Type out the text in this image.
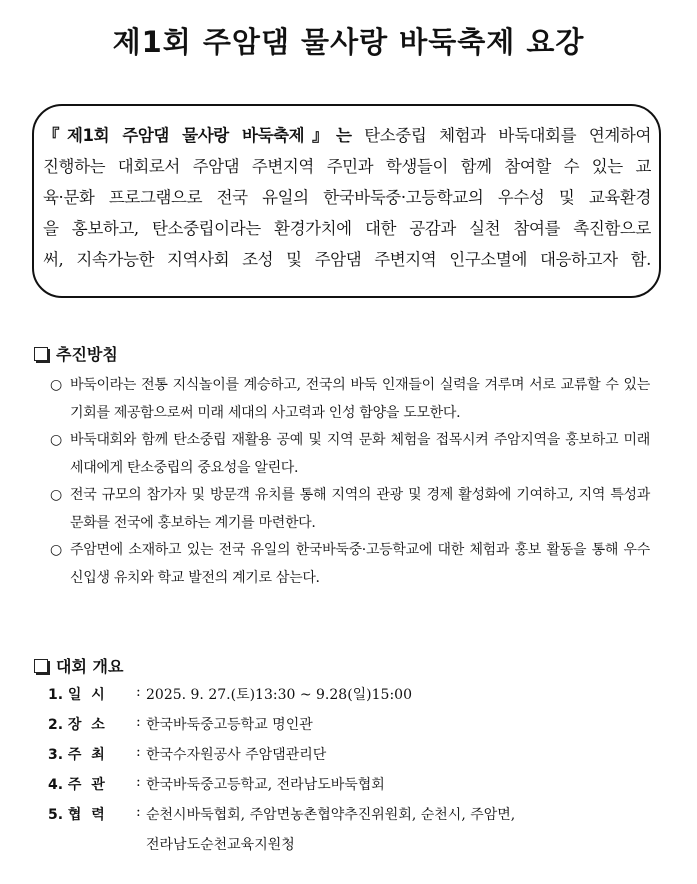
제1회 주암댐 물사랑 바둑축제 요강
『제1회 주암댐 물사랑 바둑축제』는 탄소중립 체험과 바둑대회를 연계하여
진행하는 대회로서 주암댐 주변지역 주민과 학생들이 함께 참여할 수 있는 교
육·문화 프로그램으로 전국 유일의 한국바둑중·고등학교의 우수성 및 교육환경
을 홍보하고, 탄소중립이라는 환경가치에 대한 공감과 실천 참여를 촉진함으로
써, 지속가능한 지역사회 조성 및 주암댐 주변지역 인구소멸에 대응하고자 함.
추진방침
○ 바둑이라는 전통 지식놀이를 계승하고, 전국의 바둑 인재들이 실력을 겨루며 서로 교류할 수 있는 기회를 제공함으로써 미래 세대의 사고력과 인성 함양을 도모한다.
○ 바둑대회와 함께 탄소중립 재활용 공예 및 지역 문화 체험을 접목시켜 주암지역을 홍보하고 미래 세대에게 탄소중립의 중요성을 알린다.
○ 전국 규모의 참가자 및 방문객 유치를 통해 지역의 관광 및 경제 활성화에 기여하고, 지역 특성과 문화를 전국에 홍보하는 계기를 마련한다.
○ 주암면에 소재하고 있는 전국 유일의 한국바둑중·고등학교에 대한 체험과 홍보 활동을 통해 우수 신입생 유치와 학교 발전의 계기로 삼는다.
대회 개요
1. 일  시	: 2025. 9. 27.(토)13:30 ~ 9.28(일)15:00
2. 장  소	: 한국바둑중고등학교 명인관
3. 주  최	: 한국수자원공사 주암댐관리단
4. 주  관	: 한국바둑중고등학교, 전라남도바둑협회
5. 협  력	: 순천시바둑협회, 주암면농촌협약추진위원회, 순천시, 주암면,
전라남도순천교육지원청
